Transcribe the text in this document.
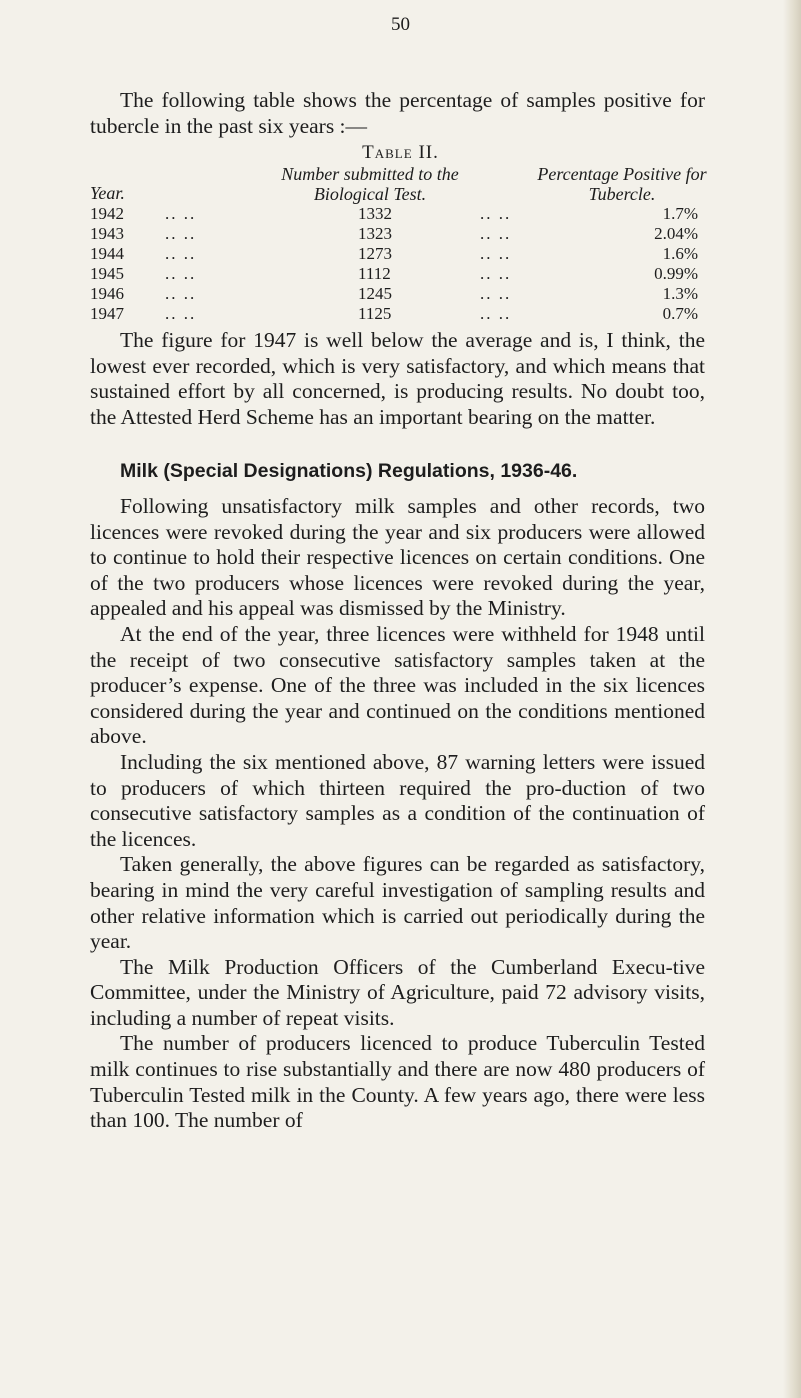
50

The following table shows the percentage of samples positive for tubercle in the past six years :—

Table II.
Year.
Number submitted to the Biological Test.
Percentage Positive for Tubercle.
1942 .. ..	1332	.. ..	1.7%
1943 .. ..	1323	.. ..	2.04%
1944 .. ..	1273	.. ..	1.6%
1945 .. ..	1112	.. ..	0.99%
1946 .. ..	1245	.. ..	1.3%
1947 .. ..	1125	.. ..	0.7%

The figure for 1947 is well below the average and is, I think, the lowest ever recorded, which is very satisfactory, and which means that sustained effort by all concerned, is producing results. No doubt too, the Attested Herd Scheme has an important bearing on the matter.

Milk (Special Designations) Regulations, 1936-46.

Following unsatisfactory milk samples and other records, two licences were revoked during the year and six producers were allowed to continue to hold their respective licences on certain conditions. One of the two producers whose licences were revoked during the year, appealed and his appeal was dismissed by the Ministry.

At the end of the year, three licences were withheld for 1948 until the receipt of two consecutive satisfactory samples taken at the producer’s expense. One of the three was included in the six licences considered during the year and continued on the conditions mentioned above.

Including the six mentioned above, 87 warning letters were issued to producers of which thirteen required the pro-duction of two consecutive satisfactory samples as a condition of the continuation of the licences.

Taken generally, the above figures can be regarded as satisfactory, bearing in mind the very careful investigation of sampling results and other relative information which is carried out periodically during the year.

The Milk Production Officers of the Cumberland Execu-tive Committee, under the Ministry of Agriculture, paid 72 advisory visits, including a number of repeat visits.

The number of producers licenced to produce Tuberculin Tested milk continues to rise substantially and there are now 480 producers of Tuberculin Tested milk in the County. A few years ago, there were less than 100. The number of
